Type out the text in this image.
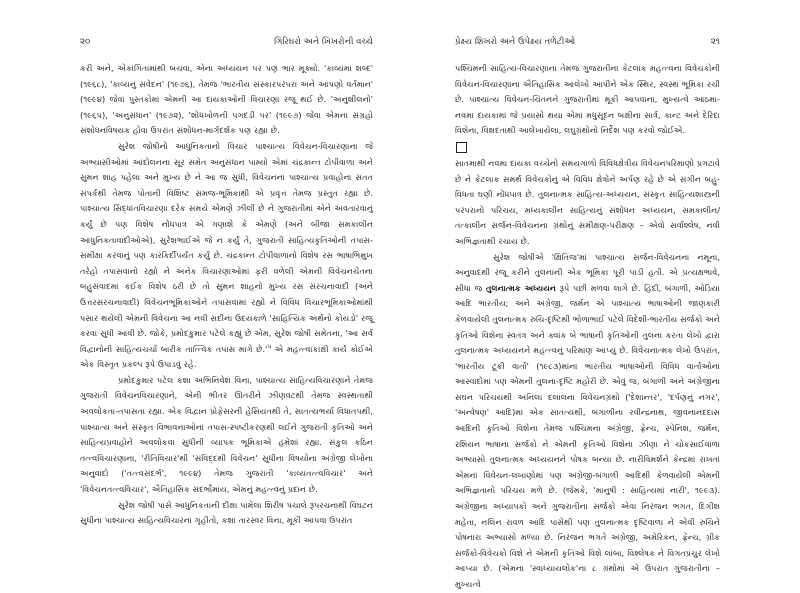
૨૦	ગિરિઘરો અને ખિખરોની વચ્ચે

કરી અને, એકાંગિતામાંથી બચવા, એના અધ્યયન પર પણ ભાર મૂક્યો. 'કાવ્યમાં શબ્દ' (૧૯૬૮), 'કાવ્યનું સંવેદન' (૧૯૭૬), તેમજ 'ભારતીય સંસ્કારપરંપરા અને આપણો વર્તમાન' (૧૯૯૪) જેવાં પુસ્તકોમાં એમની આ દાયકાઓની વિચારણા રજૂ થઈ છે. 'અનુશીલનો' (૧૯૬૫), 'અનુસંધાન' (૧૯૭૨), 'શોધખોળની પગદંડી પર' (૧૯૯૭) જેવા એમના સંગ્રહો સંશોધનવિષયક હોવા ઉપરાંત સંશોધન-માર્ગદર્શક પણ રહ્યા છે.

સુરેશ જોષીનો આધુનિકતાનો વિચાર પાશ્ચાત્ય વિવેચન-વિચારણાના જે અભ્યાસીઓમાં આંદોલનના સૂર સમેત અનુસંધાન પામ્યો એમાં ચંદ્રકાન્ત ટોપીવાળા અને સુમન શાહ પહેલા અને મુખ્ય છે ને આ જ સુધી, વિવેચનના પાશ્ચાત્ય પ્રવાહોના સતત સંપર્કથી તેમજ પોતાની વિશિષ્ટ સમજ-ભૂમિકાથી એ પ્રવૃત્ત તેમજ પ્રસ્તુત રહ્યા છે. પાશ્ચાત્ય સિદ્ધાંતવિચારણા દરેક સમયે એમણે ઝીલી છે ને ગુજરાતીમાં એને અવતારવાનું કર્યું છે પણ વિશેષ નોંધપાત્ર એ ગણાશે કે એમણે (અને બીજા સમકાલીન આધુનિકતાવાદીઓએ), સુરેશભાઈએ જે ન કર્યું તે, ગુજરાતી સાહિત્યકૃતિઓની તપાસ-સમીક્ષા કરવાનું પણ કારકિર્દીપર્યંત કર્યું છે. ચંદ્રકાન્ત ટોપીવાળાનો વિશેષ રસ ભાષાભિમુખ તરેહો તપાસવાનો રહ્યો ને અનેક વિચારણાઓમાં ફરી વળેલી એમની વિવેચનચેતના બહુસંવાદમાં કંઈક વિશેષ ઠરી છે તો સુમન શાહનો મુખ્ય રસ સંરચનાવાદી (અને ઉત્તરસંરચનાવાદી) વિવેચનભૂમિકાઓને તપાસવામાં રહ્યો ને વિવિધ વિચારભૂમિકાઓમાંથી પસાર થયેલી એમની વિવેચના આ નવી સદીના ઉદયકાળે 'સાહિત્યિક અર્થનો કોયડો' રજૂ કરવા સુધી આવી છે. જોકે, પ્રમોદકુમાર પટેલે કહ્યું છે એમ, સુરેશ જોષી સમેતના, 'આ સર્વ વિદ્વાનોની સાહિત્યચર્ચા બારીક તાત્ત્વિક તપાસ માગે $છે.'^૫$ એ મહત્ત્વાકાંક્ષી કાર્ય કોઈએ એક વિસ્તૃત પ્રકલ્પ રૂપે ઉપાડવું રહે.

પ્રમોદકુમાર પટેલ કશા અભિનિવેશ વિના, પાશ્ચાત્ય સાહિત્યવિચારણાને તેમજ ગુજરાતી વિવેચનવિચારણાને, એની ભીતર ઊતરીને ઝીણવટથી તેમજ સ્વસ્થતાથી અવલોકતા-તપાસતા રહ્યા. એક વિદ્વાન પ્રોફેસરની હેસિયતથી તે, સાતત્યભર્યા વિધાતપથી, પાશ્ચાત્ય અને સંસ્કૃત વિભાવનાઓનાં તપાસ-સ્પષ્ટીકરણથી લઈને ગુજરાતી કૃતિઓ અને સાહિત્યપ્રવાહોને અવલોકવા સુધીની વ્યાપક ભૂમિકાએ હંમેશાં રહ્યા. સંકુલ કઠિન તત્ત્વવિચારણાના, 'રીતિવિચાર'થી 'સંવિદ્દથી વિવેચન' સુધીના વિષયોના અંગ્રેજી લેખોના અનુવાદો ('તત્ત્વસંદર્ભ', ૧૯૯૪) તેમજ ગુજરાતી 'કાવ્યતત્ત્વવિચાર' અને 'વિવેચનતત્ત્વવિચાર', ઐતિહાસિક સંદર્ભોમાંય, એમનું મહત્ત્વનું પ્રદાન છે.

સુરેશ જોષી પાસે આધુનિકતાની દીક્ષા પામેલા શિરીષ પંચાલે રૂપરચનાથી વિઘટન સુધીના પાશ્ચાત્ય સાહિત્યવિચારનાં ગૃહીતો, કશા તારસ્વર વિના, મૂકી આપવા ઉપરાંત

પ્રેક્ષ્ય શિખરો અને ઉપેક્ષ્ય તળેટીઓ	૨૧

પશ્ચિમની સાહિત્ય-વિચારણાના તેમજ ગુજરાતીના કેટલાક મહત્ત્વના વિવેચકોની વિવેચન-વિચારણાના ઐતિહાસિક આલેખો આપીને એક સ્થિર, સ્વસ્થ ભૂમિકા રચી છે. પાશ્ચાત્ય વિવેચન-ચિંતનને ગુજરાતીમાં મૂકી આપવાના, મુખ્યત્વે આઠમા-નવમા દાયકામાં જે પ્રયાસો થયા એમાં મધુસૂદન બક્ષીના સાર્ત્ર, કાન્ટ અને દેરિદા વિશેના, વિશદતાથી આલેખાયેલા, લઘુગ્રંથોનો નિર્દેશ પણ કરવો જોઈએ.

સાતમાથી નવમા દાયકા વચ્ચેનો સમયગાળો વિવિધક્ષેત્રીય વિવેચનપરિમાણો પ્રગટાવે છે ને કેટલાક સમર્થ વિવેચકોનું એ વિવિધ ક્ષેત્રોને અર્પણ રહે છે એ સંગીન બહુ-વિધતા ઘણી નોંધપાત્ર છે. તુલનાત્મક સાહિત્ય-અધ્યયન, સંસ્કૃત સાહિત્યશાસ્ત્રની પરંપરાનો પરિચય, મધ્યકાલીન સાહિત્યનું સંશોધન અધ્યયન, સમકાલીન/તત્કાલીન સર્જન-વિવેચનના ગ્રંથોનું સમીક્ષણ-પરીક્ષણ – એવો સર્વાશ્લેષ, નવી અભિજ્ઞતાથી રચાય છે.

સુરેશ જોષીએ 'ક્ષિતિજ'માં પાશ્ચાત્ય સર્જન-વિવેચનના નમૂના, અનુવાદથી રજૂ કરીને તુલનાની એક ભૂમિકા પૂરી પાડી હતી. એ પ્રત્યક્ષભાવે, સીધા જ તુલનાત્મક અધ્યયન રૂપે પછી મળવા લાગે છે. હિંદી, બંગાળી, ઓડિયા આદિ ભારતીય; અને અંગ્રેજી, જર્મન એ પાશ્ચાત્ય ભાષાઓની જાણકારી કેળવાયેલી તુલનાત્મક રુચિ-દૃષ્ટિથી ભોળાભાઈ પટેલે વિદેશી-ભારતીય સર્જકો અને કૃતિઓ વિશેના સ્વતંત્ર અને ક્વાંક બે ભાષાની કૃતિઓની તુલના કરતા લેખો દ્વારા તુલનાત્મક અધ્યયનને મહત્ત્વનું પરિમાણ આપ્યું છે. વિવેચનાત્મક લેખો ઉપરાંત, 'ભારતીય ટૂંકી વાર્તા' (૧૯૮૩)માંના ભારતીય ભાષાઓની વિવિધ વાર્તાઓના આસ્વાદોમાં પણ એમની તુલના-દૃષ્ટિ મહોરી છે. એવું જ, બંગાળી અને અંગ્રેજીના સઘન પરિચયથી અનિલા દલાલના વિવેચનગ્રંથો ('દેશાન્તર', 'દર્પણનું નગર', 'અન્વેષણ' આદિ)માં એક સાતત્યથી, બંગાળીના રવીન્દ્રનાથ, જીવનાનંદદાસ આદિની કૃતિઓ વિશેના તેમજ પશ્ચિમના અંગ્રેજી, ફ્રેન્ચ, સ્પેનિશ, જર્મન, રશિયન ભાષાના સર્જકો ને એમની કૃતિઓ વિશેના ઝીણા ને ચોકસાઈવાળા અભ્યાસો તુલનાત્મક અધ્યયનને પોષક બન્યા છે. નારીવિમર્શને કેન્દ્રમાં રાખતાં એમનાં વિવેચન-લખાણોમાં પણ અંગ્રેજી-બંગાળી આદિથી કેળવાયેલી એમની અભિજ્ઞતાનો પરિચય મળે છે. (જેમકે, 'માનુષી : સાહિત્યમાં નારી', ૧૯૯૩). અંગ્રેજીના અધ્યાપકો અને ગુજરાતીના સર્જકો એવા નિરંજન ભગત, દિગીશ મહેતા, નલિન રાવળ આદિ પાસેથી પણ તુલનાત્મક દૃષ્ટિવાળા ને એવી રુચિને પોષનારા અભ્યાસો મળ્યા છે. નિરંજન ભગતે અંગ્રેજી, અમેરિકન, ફ્રેન્ચ, ગ્રીક સર્જકો-વિવેચકો વિશે ને એમની કૃતિઓ વિશે લાંબા, વિશ્લેષક ને વિગતપ્રચુર લેખો આપ્યા છે. (એમના 'સ્વાધ્યાયલોક'ના ૮ ગ્રંથોમાં એ ઉપરાંત ગુજરાતીના – મુખ્યત્વે
